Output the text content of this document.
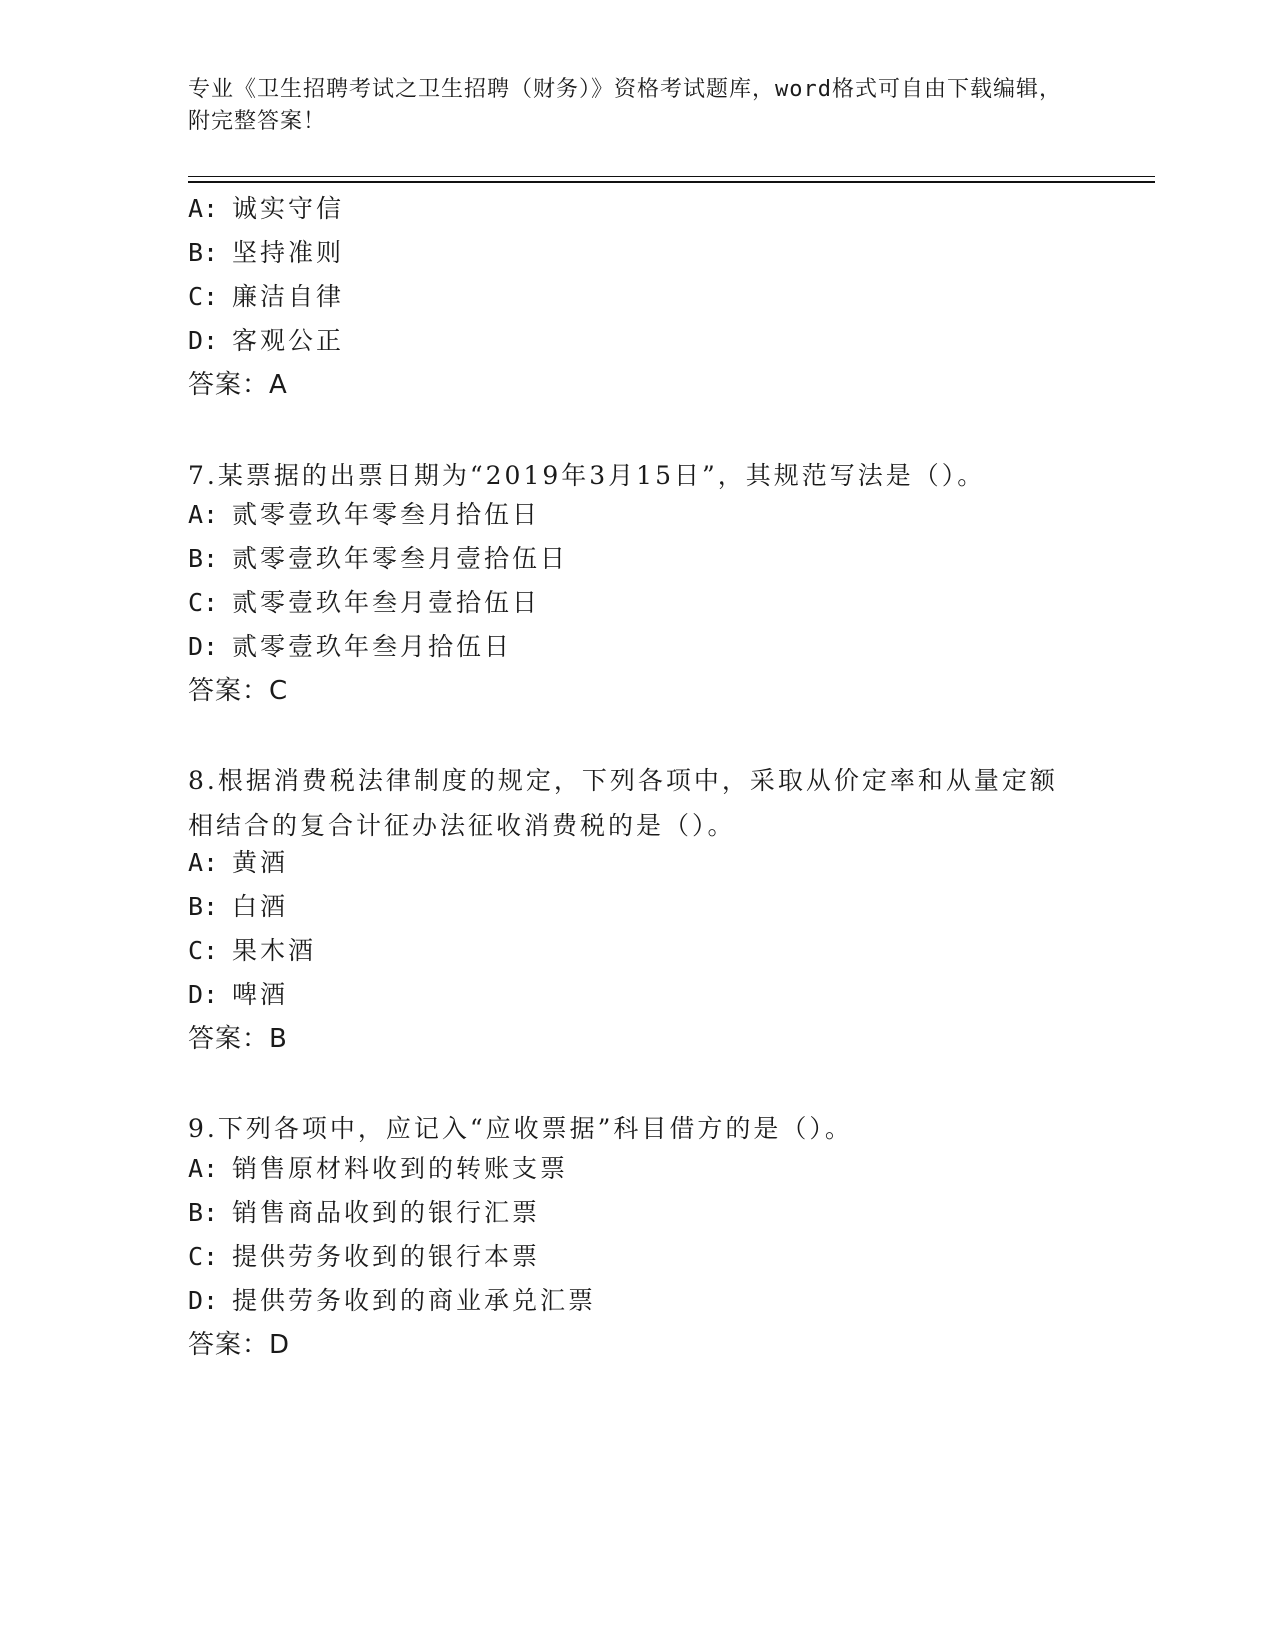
专业《卫生招聘考试之卫生招聘（财务）》资格考试题库，word格式可自由下载编辑，附完整答案！
A: 诚实守信
B: 坚持准则
C: 廉洁自律
D: 客观公正
答案：A
7.某票据的出票日期为“2019年3月15日”，其规范写法是（）。
A: 贰零壹玖年零叁月拾伍日
B: 贰零壹玖年零叁月壹拾伍日
C: 贰零壹玖年叁月壹拾伍日
D: 贰零壹玖年叁月拾伍日
答案：C
8.根据消费税法律制度的规定，下列各项中，采取从价定率和从量定额相结合的复合计征办法征收消费税的是（）。
A: 黄酒
B: 白酒
C: 果木酒
D: 啤酒
答案：B
9.下列各项中，应记入“应收票据”科目借方的是（）。
A: 销售原材料收到的转账支票
B: 销售商品收到的银行汇票
C: 提供劳务收到的银行本票
D: 提供劳务收到的商业承兑汇票
答案：D
